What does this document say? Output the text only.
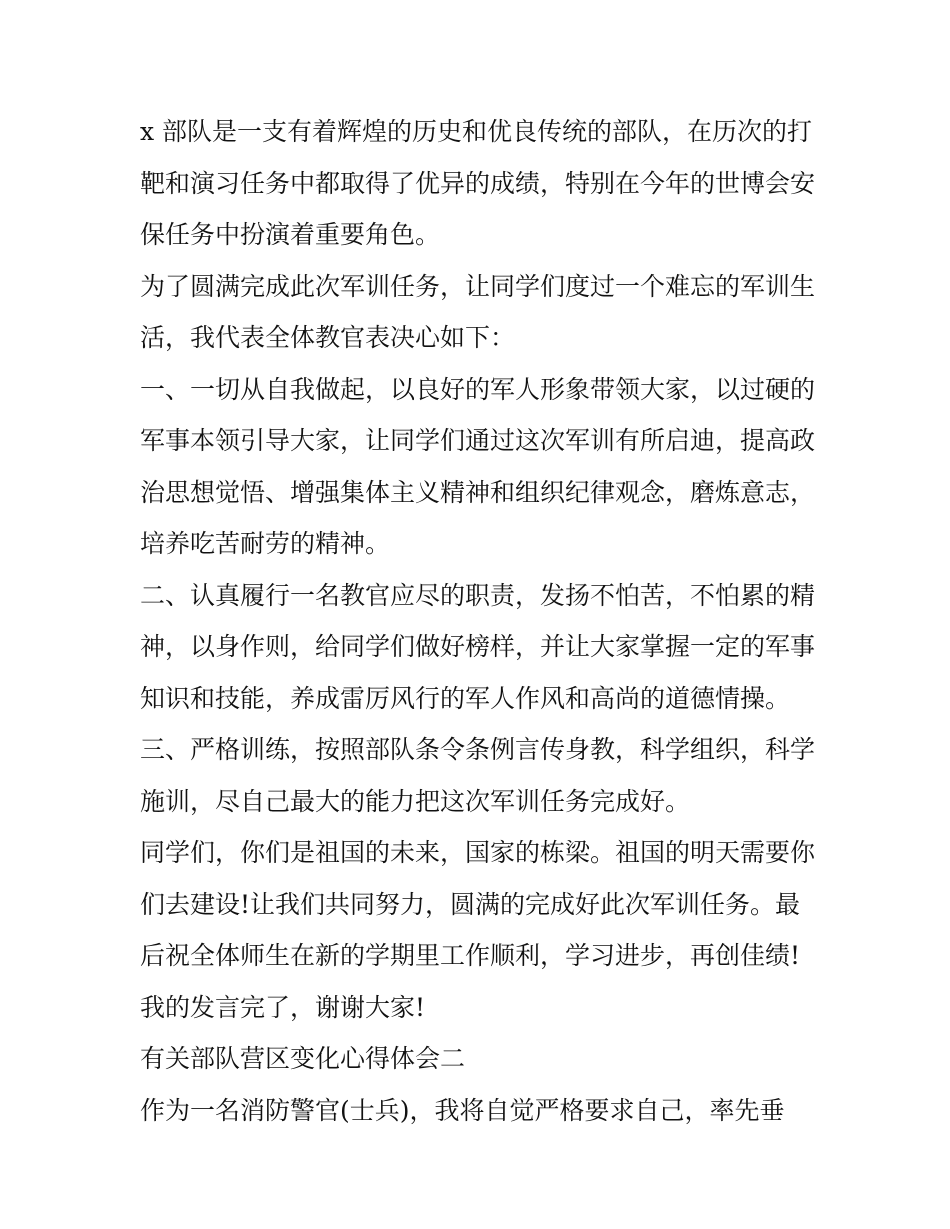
x 部队是一支有着辉煌的历史和优良传统的部队，在历次的打
靶和演习任务中都取得了优异的成绩，特别在今年的世博会安
保任务中扮演着重要角色。
为了圆满完成此次军训任务，让同学们度过一个难忘的军训生
活，我代表全体教官表决心如下：
一、一切从自我做起，以良好的军人形象带领大家，以过硬的
军事本领引导大家，让同学们通过这次军训有所启迪，提高政
治思想觉悟、增强集体主义精神和组织纪律观念，磨炼意志，
培养吃苦耐劳的精神。
二、认真履行一名教官应尽的职责，发扬不怕苦，不怕累的精
神，以身作则，给同学们做好榜样，并让大家掌握一定的军事
知识和技能，养成雷厉风行的军人作风和高尚的道德情操。
三、严格训练，按照部队条令条例言传身教，科学组织，科学
施训，尽自己最大的能力把这次军训任务完成好。
同学们，你们是祖国的未来，国家的栋梁。祖国的明天需要你
们去建设!让我们共同努力，圆满的完成好此次军训任务。最
后祝全体师生在新的学期里工作顺利，学习进步，再创佳绩!
我的发言完了，谢谢大家!
有关部队营区变化心得体会二
作为一名消防警官(士兵)，我将自觉严格要求自己，率先垂
